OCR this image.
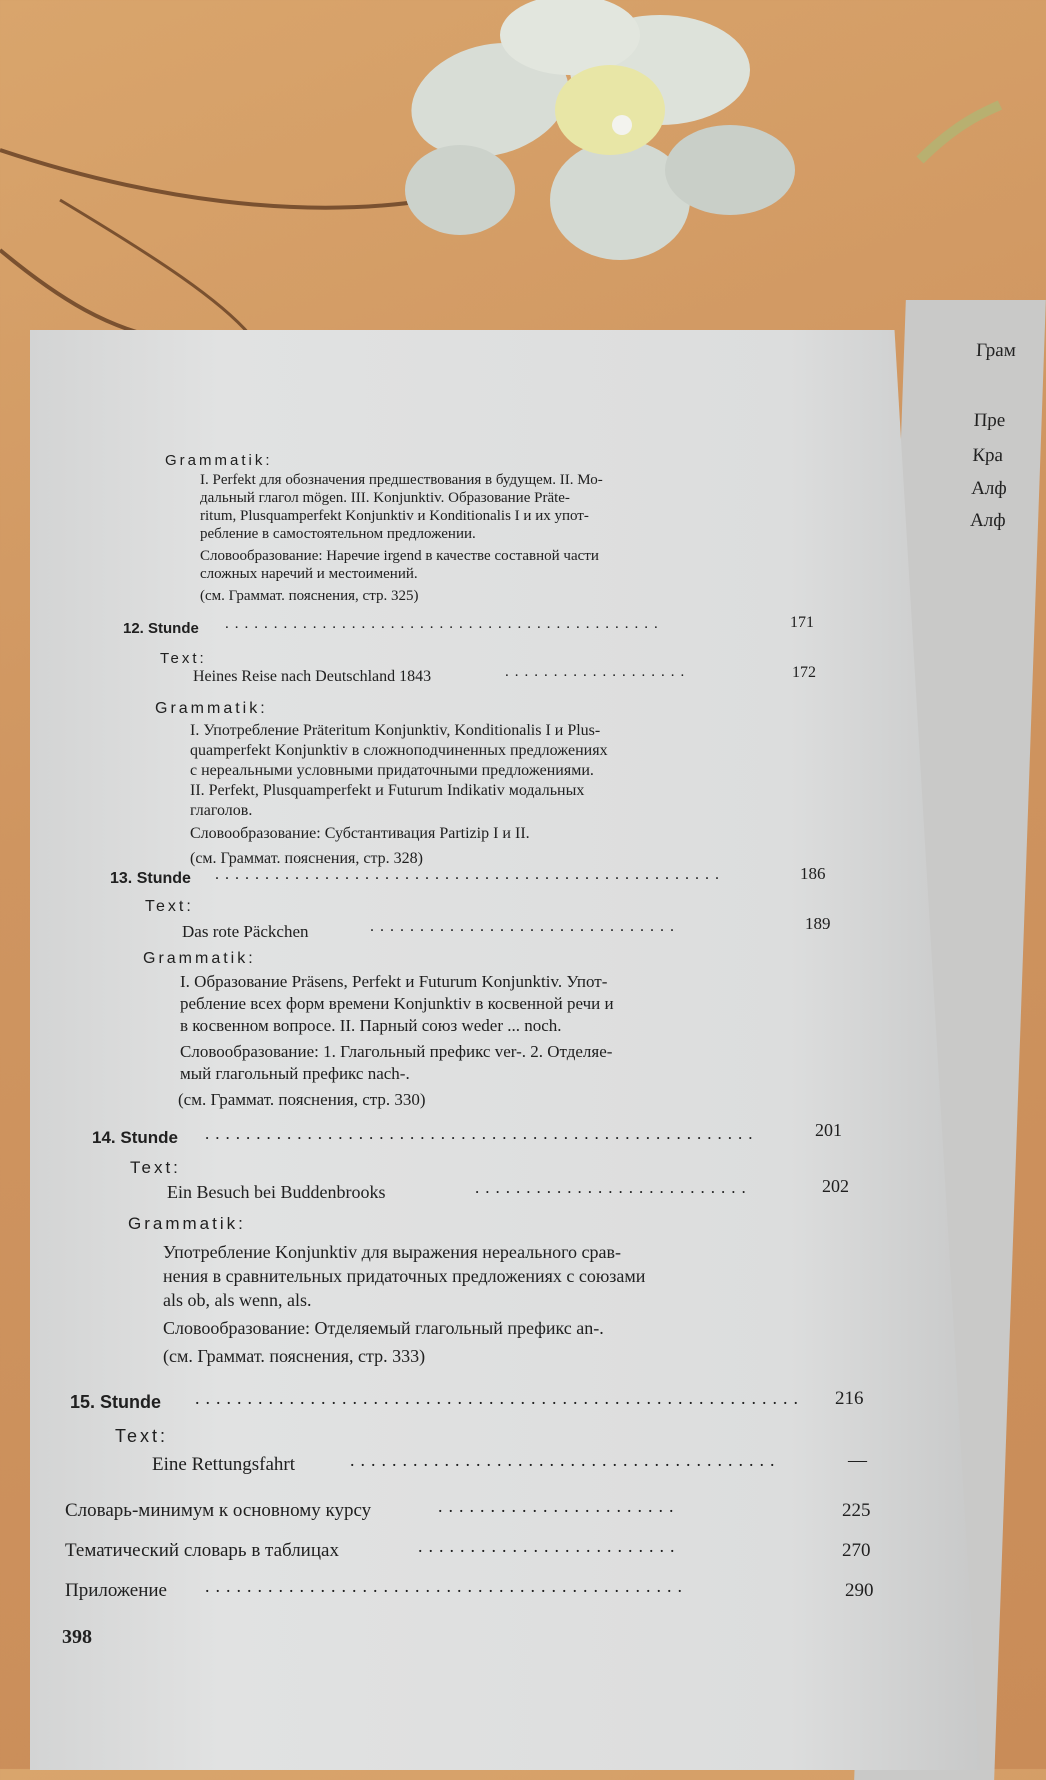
Грам
Пре
Кра
Алф
Алф
Grammatik:
I. Perfekt для обозначения предшествования в будущем. II. Мо-
дальный глагол mögen. III. Konjunktiv. Образование Präte-
ritum, Plusquamperfekt Konjunktiv и Konditionalis I и их упот-
ребление в самостоятельном предложении.
Словообразование: Наречие irgend в качестве составной части
сложных наречий и местоимений.
(см. Граммат. пояснения, стр. 325)
12. Stunde .............................................	171
Text:
Heines Reise nach Deutschland 1843	...................	172
Grammatik:
I. Употребление Präteritum Konjunktiv, Konditionalis I и Plus-
quamperfekt Konjunktiv в сложноподчиненных предложениях
с нереальными условными придаточными предложениями.
II. Perfekt, Plusquamperfekt и Futurum Indikativ модальных
глаголов.
Словообразование: Субстантивация Partizip I и II.
(см. Граммат. пояснения, стр. 328)
13. Stunde ...................................................	186
Text:
Das rote Päckchen	...............................	189
Grammatik:
I. Образование Präsens, Perfekt и Futurum Konjunktiv. Упот-
ребление всех форм времени Konjunktiv в косвенной речи и
в косвенном вопросе. II. Парный союз weder ... noch.
Словообразование: 1. Глагольный префикс ver-. 2. Отделяе-
мый глагольный префикс nach-.
(см. Граммат. пояснения, стр. 330)
14. Stunde ......................................................	201
Text:
Ein Besuch bei Buddenbrooks	...........................	202
Grammatik:
Употребление Konjunktiv для выражения нереального срав-
нения в сравнительных придаточных предложениях с союзами
als ob, als wenn, als.
Словообразование: Отделяемый глагольный префикс an-.
(см. Граммат. пояснения, стр. 333)
15. Stunde .......................................................... 216
Text:
Eine Rettungsfahrt	.........................................	—
Словарь-минимум к основному курсу	.......................	225
Тематический словарь в таблицах	.........................	270
Приложение ..............................................	290
398
